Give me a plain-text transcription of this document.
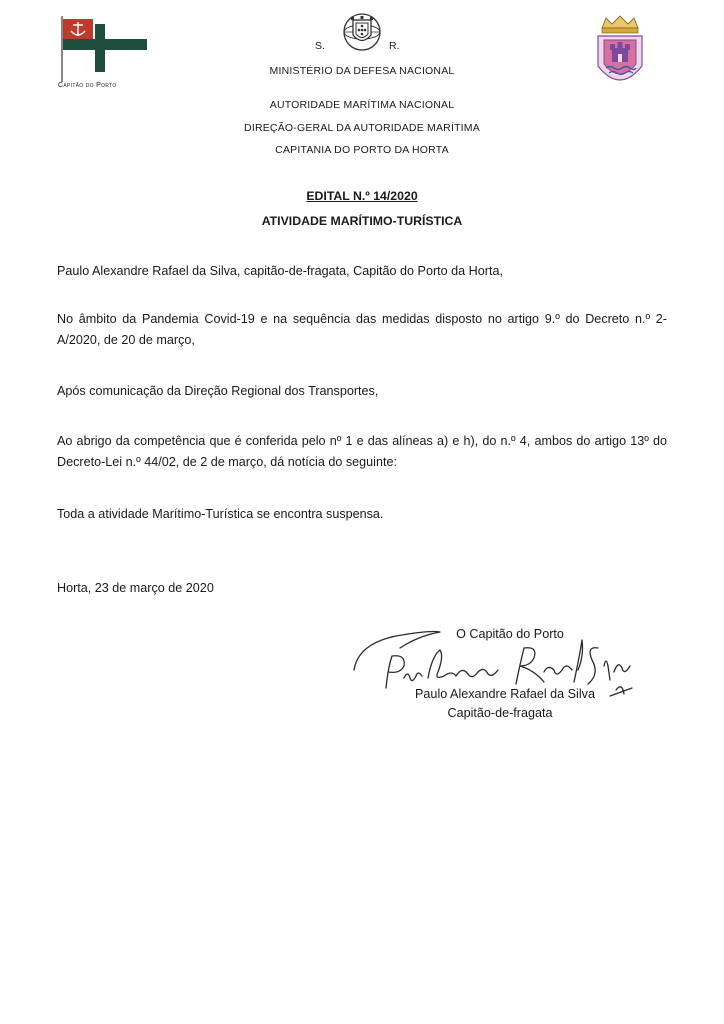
Capitão do Porto
S.	R.
MINISTÉRIO DA DEFESA NACIONAL
AUTORIDADE MARÍTIMA NACIONAL
DIREÇÃO-GERAL DA AUTORIDADE MARÍTIMA
CAPITANIA DO PORTO DA HORTA
EDITAL N.º 14/2020
ATIVIDADE MARÍTIMO-TURÍSTICA
Paulo Alexandre Rafael da Silva, capitão-de-fragata, Capitão do Porto da Horta,
No âmbito da Pandemia Covid-19 e na sequência das medidas disposto no artigo 9.º do Decreto n.º 2-A/2020, de 20 de março,
Após comunicação da Direção Regional dos Transportes,
Ao abrigo da competência que é conferida pelo nº 1 e das alíneas a) e h), do n.º 4, ambos do artigo 13º do Decreto-Lei n.º 44/02, de 2 de março, dá notícia do seguinte:
Toda a atividade Marítimo-Turística se encontra suspensa.
Horta, 23 de março de 2020
O Capitão do Porto
Paulo Alexandre Rafael da Silva
Capitão-de-fragata
